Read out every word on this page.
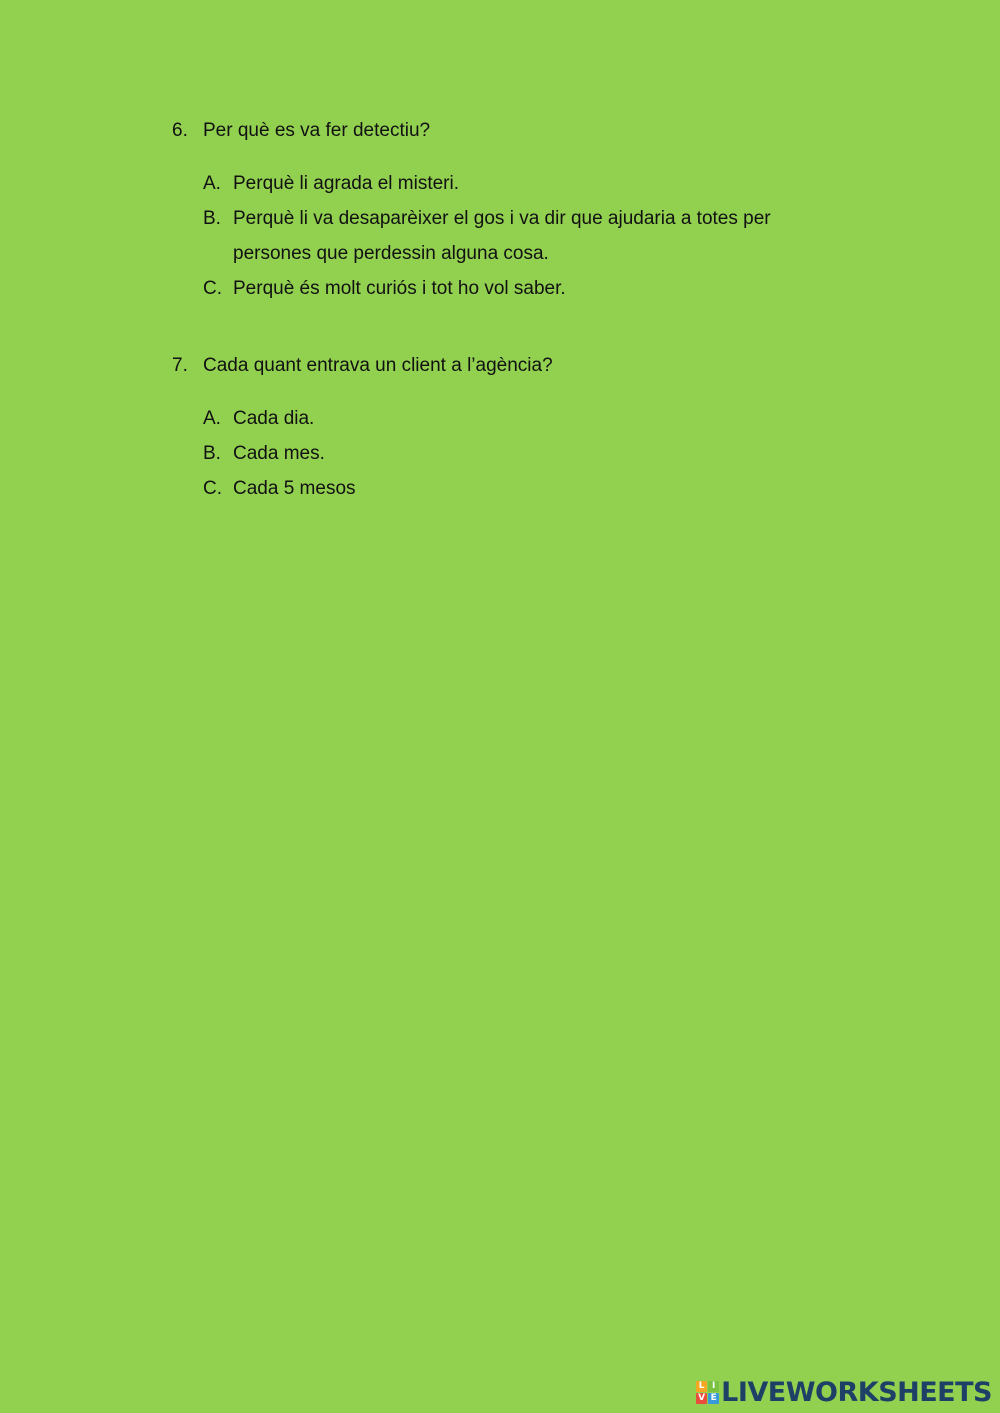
6. Per què es va fer detectiu?
A. Perquè li agrada el misteri.
B. Perquè li va desaparèixer el gos i va dir que ajudaria a totes per persones que perdessin alguna cosa.
C. Perquè és molt curiós i tot ho vol saber.
7. Cada quant entrava un client a l’agència?
A. Cada dia.
B. Cada mes.
C. Cada 5 mesos
L I
V E LIVEWORKSHEETS
